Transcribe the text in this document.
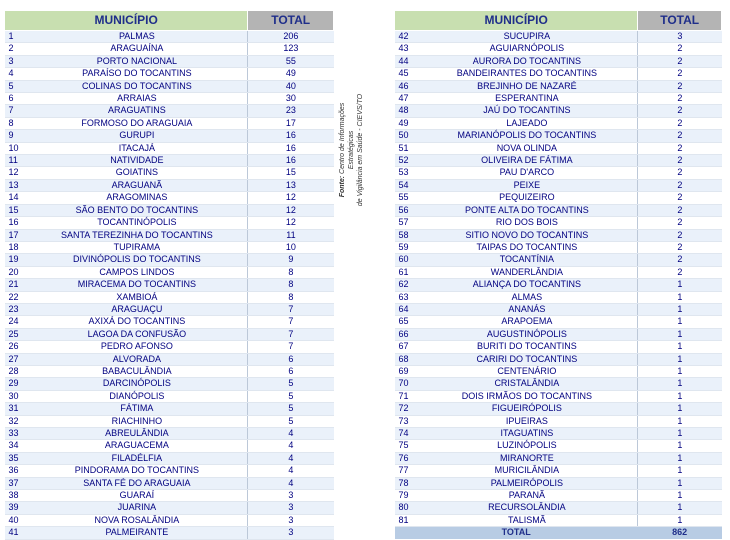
MUNICÍPIO		TOTAL
1	PALMAS	206
2	ARAGUAÍNA	123
3	PORTO NACIONAL	55
4	PARAÍSO DO TOCANTINS	49
5	COLINAS DO TOCANTINS	40
6	ARRAIAS	30
7	ARAGUATINS	23
8	FORMOSO DO ARAGUAIA	17
9	GURUPI	16
10	ITACAJÁ	16
11	NATIVIDADE	16
12	GOIATINS	15
13	ARAGUANÃ	13
14	ARAGOMINAS	12
15	SÃO BENTO DO TOCANTINS	12
16	TOCANTINÓPOLIS	12
17	SANTA TEREZINHA DO TOCANTINS	11
18	TUPIRAMA	10
19	DIVINÓPOLIS DO TOCANTINS	9
20	CAMPOS LINDOS	8
21	MIRACEMA DO TOCANTINS	8
22	XAMBIOÁ	8
23	ARAGUAÇU	7
24	AXIXÁ DO TOCANTINS	7
25	LAGOA DA CONFUSÃO	7
26	PEDRO AFONSO	7
27	ALVORADA	6
28	BABACULÂNDIA	6
29	DARCINÓPOLIS	5
30	DIANÓPOLIS	5
31	FÁTIMA	5
32	RIACHINHO	5
33	ABREULÂNDIA	4
34	ARAGUACEMA	4
35	FILADÉLFIA	4
36	PINDORAMA DO TOCANTINS	4
37	SANTA FÉ DO ARAGUAIA	4
38	GUARAÍ	3
39	JUARINA	3
40	NOVA ROSALÂNDIA	3
41	PALMEIRANTE	3
Fonte: Centro de Informações Estratégicas de Vigilância em Saúde - CIEVS/TO
MUNICÍPIO		TOTAL
42	SUCUPIRA	3
43	AGUIARNÓPOLIS	2
44	AURORA DO TOCANTINS	2
45	BANDEIRANTES DO TOCANTINS	2
46	BREJINHO DE NAZARÉ	2
47	ESPERANTINA	2
48	JAÚ DO TOCANTINS	2
49	LAJEADO	2
50	MARIANÓPOLIS DO TOCANTINS	2
51	NOVA OLINDA	2
52	OLIVEIRA DE FÁTIMA	2
53	PAU D'ARCO	2
54	PEIXE	2
55	PEQUIZEIRO	2
56	PONTE ALTA DO TOCANTINS	2
57	RIO DOS BOIS	2
58	SITIO NOVO DO TOCANTINS	2
59	TAIPAS DO TOCANTINS	2
60	TOCANTÍNIA	2
61	WANDERLÂNDIA	2
62	ALIANÇA DO TOCANTINS	1
63	ALMAS	1
64	ANANÁS	1
65	ARAPOEMA	1
66	AUGUSTINÓPOLIS	1
67	BURITI DO TOCANTINS	1
68	CARIRI DO TOCANTINS	1
69	CENTENÁRIO	1
70	CRISTALÂNDIA	1
71	DOIS IRMÃOS DO TOCANTINS	1
72	FIGUEIRÓPOLIS	1
73	IPUEIRAS	1
74	ITAGUATINS	1
75	LUZINÓPOLIS	1
76	MIRANORTE	1
77	MURICILÂNDIA	1
78	PALMEIRÓPOLIS	1
79	PARANÃ	1
80	RECURSOLÂNDIA	1
81	TALISMÃ	1
TOTAL		862
